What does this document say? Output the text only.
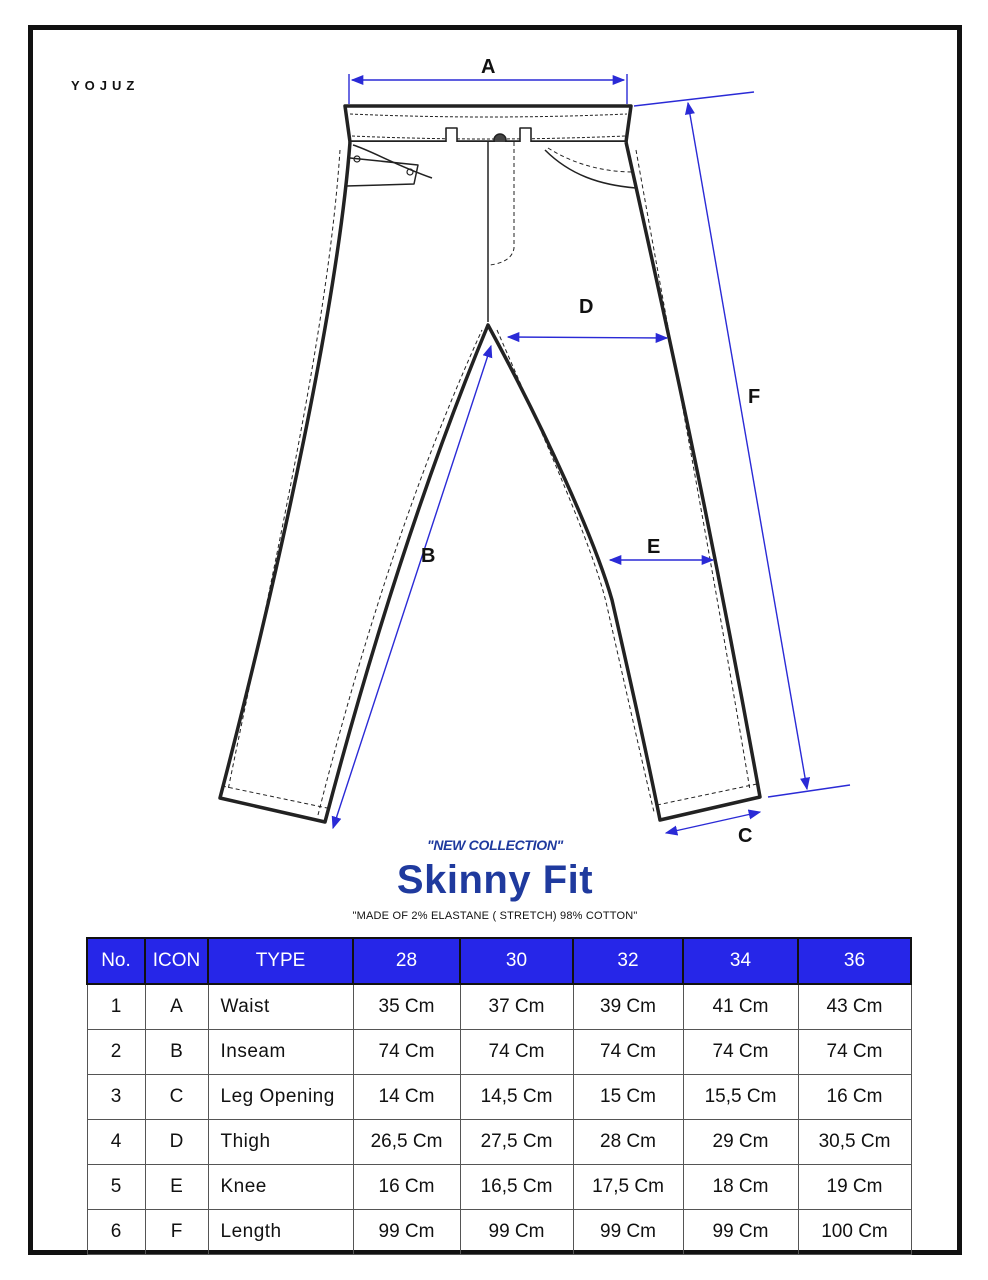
YOJUZ
A
D
F
E
B
C
"NEW COLLECTION"
Skinny Fit
"MADE OF 2% ELASTANE ( STRETCH) 98% COTTON"
No.	ICON	TYPE	28	30	32	34	36
1	A	Waist	35 Cm	37 Cm	39 Cm	41 Cm	43 Cm
2	B	Inseam	74 Cm	74 Cm	74 Cm	74 Cm	74 Cm
3	C	Leg Opening	14 Cm	14,5 Cm	15 Cm	15,5 Cm	16 Cm
4	D	Thigh	26,5 Cm	27,5 Cm	28 Cm	29 Cm	30,5 Cm
5	E	Knee	16 Cm	16,5 Cm	17,5 Cm	18 Cm	19 Cm
6	F	Length	99 Cm	99 Cm	99 Cm	99 Cm	100 Cm
